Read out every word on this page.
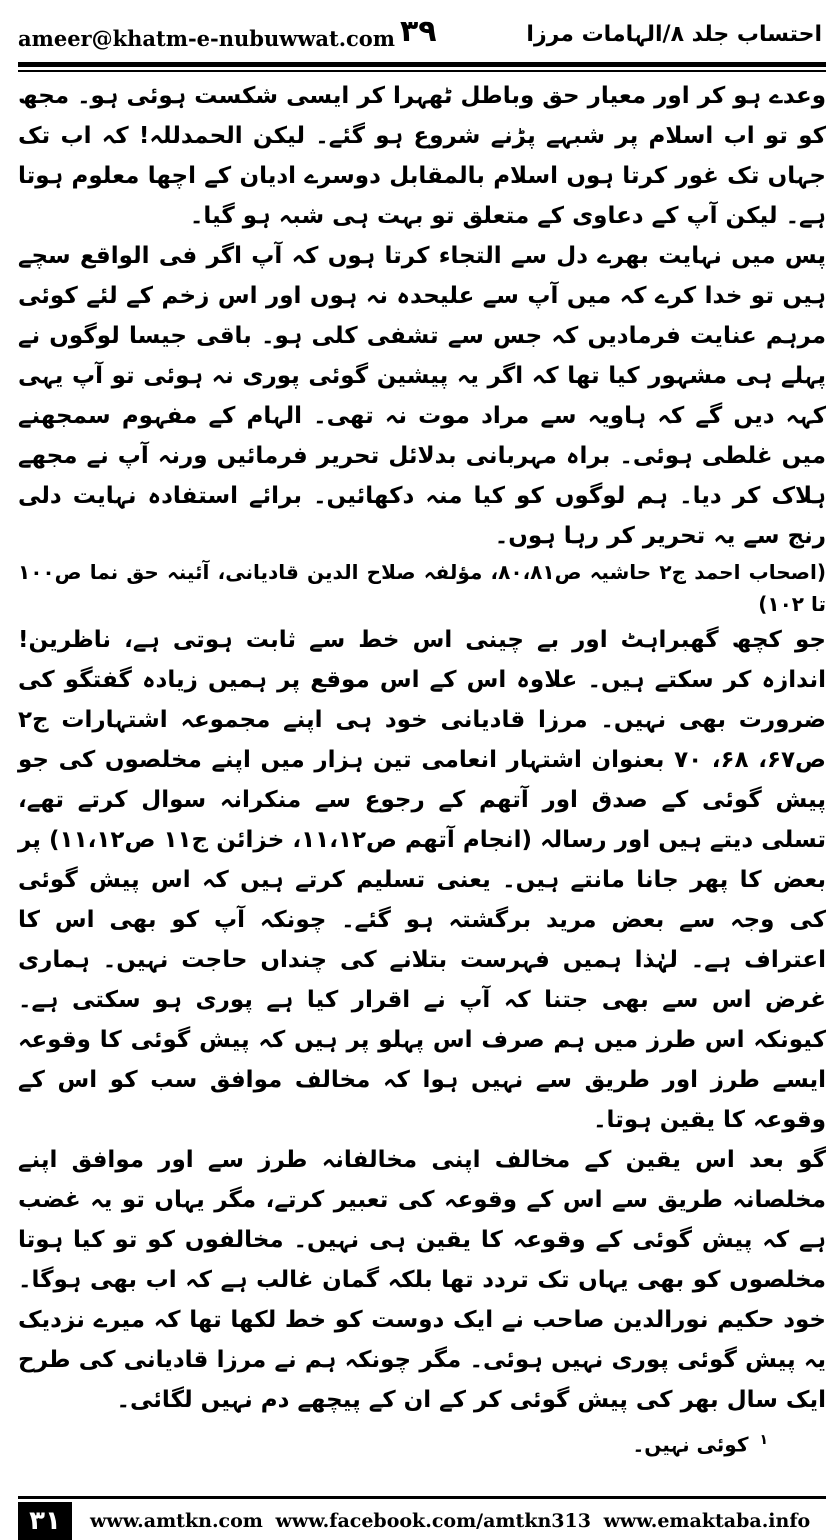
ameer@khatm-e-nubuwwat.com ۳۹	احتساب جلد ۸/الہامات مرزا

وعدے ہو کر اور معیار حق وباطل ٹھہرا کر ایسی شکست ہوئی ہو۔ مجھ کو تو اب اسلام پر شبہے پڑنے شروع ہو گئے۔ لیکن الحمدللہ! کہ اب تک جہاں تک غور کرتا ہوں اسلام بالمقابل دوسرے ادیان کے اچھا معلوم ہوتا ہے۔ لیکن آپ کے دعاوی کے متعلق تو بہت ہی شبہ ہو گیا۔

پس میں نہایت بھرے دل سے التجاء کرتا ہوں کہ آپ اگر فی الواقع سچے ہیں تو خدا کرے کہ میں آپ سے علیحدہ نہ ہوں اور اس زخم کے لئے کوئی مرہم عنایت فرمادیں کہ جس سے تشفی کلی ہو۔ باقی جیسا لوگوں نے پہلے ہی مشہور کیا تھا کہ اگر یہ پیشین گوئی پوری نہ ہوئی تو آپ یہی کہہ دیں گے کہ ہاویہ سے مراد موت نہ تھی۔ الہام کے مفہوم سمجھنے میں غلطی ہوئی۔ براہ مہربانی بدلائل تحریر فرمائیں ورنہ آپ نے مجھے ہلاک کر دیا۔ ہم لوگوں کو کیا منہ دکھائیں۔ برائے استفادہ نہایت دلی رنج سے یہ تحریر کر رہا ہوں۔

(اصحاب احمد ج۲ حاشیہ ص۸۰،۸۱، مؤلفہ صلاح الدین قادیانی، آئینہ حق نما ص۱۰۰ تا ۱۰۲)

جو کچھ گھبراہٹ اور بے چینی اس خط سے ثابت ہوتی ہے، ناظرین! اندازہ کر سکتے ہیں۔ علاوہ اس کے اس موقع پر ہمیں زیادہ گفتگو کی ضرورت بھی نہیں۔ مرزا قادیانی خود ہی اپنے مجموعہ اشتہارات ج۲ ص۶۷، ۶۸، ۷۰ بعنوان اشتہار انعامی تین ہزار میں اپنے مخلصوں کی جو پیش گوئی کے صدق اور آتھم کے رجوع سے منکرانہ سوال کرتے تھے، تسلی دیتے ہیں اور رسالہ (انجام آتھم ص۱۱،۱۲، خزائن ج۱۱ ص۱۱،۱۲) پر بعض کا پھر جانا مانتے ہیں۔ یعنی تسلیم کرتے ہیں کہ اس پیش گوئی کی وجہ سے بعض مرید برگشتہ ہو گئے۔ چونکہ آپ کو بھی اس کا اعتراف ہے۔ لہٰذا ہمیں فہرست بتلانے کی چنداں حاجت نہیں۔ ہماری غرض اس سے بھی جتنا کہ آپ نے اقرار کیا ہے پوری ہو سکتی ہے۔ کیونکہ اس طرز میں ہم صرف اس پہلو پر ہیں کہ پیش گوئی کا وقوعہ ایسے طرز اور طریق سے نہیں ہوا کہ مخالف موافق سب کو اس کے وقوعہ کا یقین ہوتا۔

گو بعد اس یقین کے مخالف اپنی مخالفانہ طرز سے اور موافق اپنے مخلصانہ طریق سے اس کے وقوعہ کی تعبیر کرتے، مگر یہاں تو یہ غضب ہے کہ پیش گوئی کے وقوعہ کا یقین ہی نہیں۔ مخالفوں کو تو کیا ہوتا مخلصوں کو بھی یہاں تک تردد تھا بلکہ گمان غالب ہے کہ اب بھی ہوگا۔ خود حکیم نورالدین صاحب نے ایک دوست کو خط لکھا تھا کہ میرے نزدیک یہ پیش گوئی پوری نہیں ہوئی۔ مگر چونکہ ہم نے مرزا قادیانی کی طرح ایک سال بھر کی پیش گوئی کر کے ان کے پیچھے دم نہیں لگائی۔

$^۱$ کوئی نہیں۔

۳۱	www.amtkn.com www.facebook.com/amtkn313 www.emaktaba.info
